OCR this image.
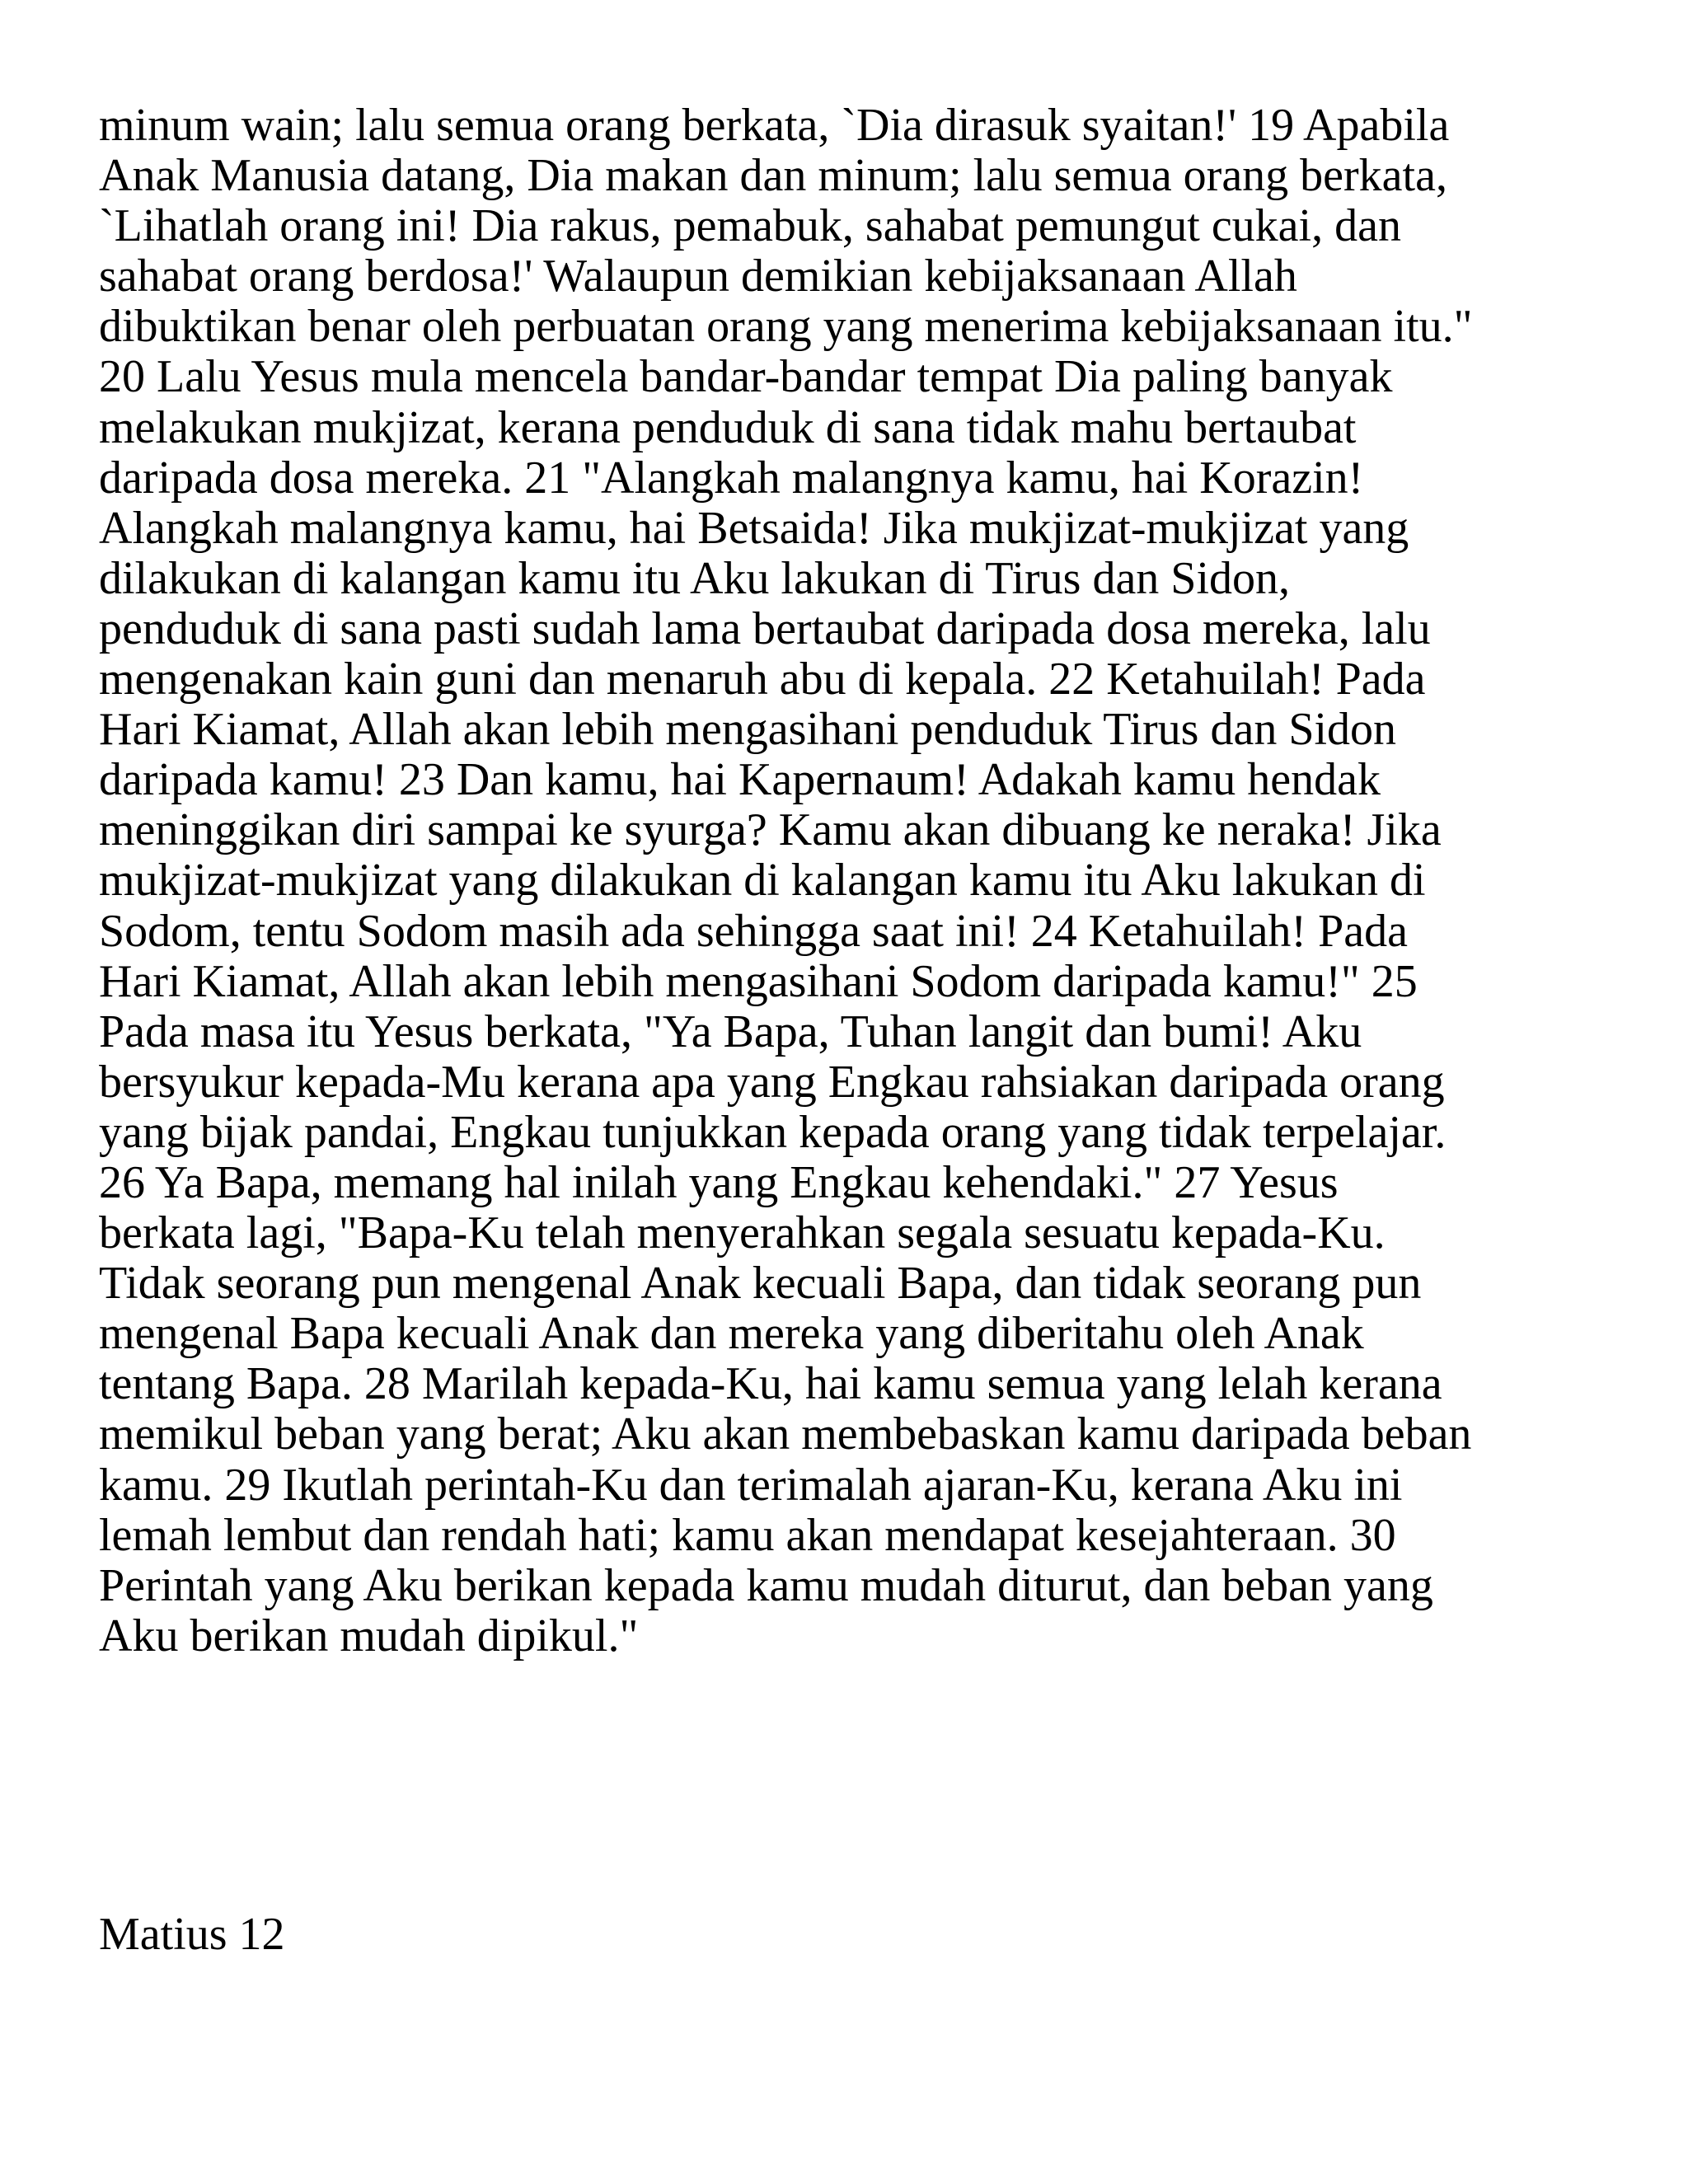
minum wain; lalu semua orang berkata, `Dia dirasuk syaitan!' 19 Apabila
Anak Manusia datang, Dia makan dan minum; lalu semua orang berkata,
`Lihatlah orang ini! Dia rakus, pemabuk, sahabat pemungut cukai, dan
sahabat orang berdosa!' Walaupun demikian kebijaksanaan Allah
dibuktikan benar oleh perbuatan orang yang menerima kebijaksanaan itu."
20 Lalu Yesus mula mencela bandar-bandar tempat Dia paling banyak
melakukan mukjizat, kerana penduduk di sana tidak mahu bertaubat
daripada dosa mereka. 21 "Alangkah malangnya kamu, hai Korazin!
Alangkah malangnya kamu, hai Betsaida! Jika mukjizat-mukjizat yang
dilakukan di kalangan kamu itu Aku lakukan di Tirus dan Sidon,
penduduk di sana pasti sudah lama bertaubat daripada dosa mereka, lalu
mengenakan kain guni dan menaruh abu di kepala. 22 Ketahuilah! Pada
Hari Kiamat, Allah akan lebih mengasihani penduduk Tirus dan Sidon
daripada kamu! 23 Dan kamu, hai Kapernaum! Adakah kamu hendak
meninggikan diri sampai ke syurga? Kamu akan dibuang ke neraka! Jika
mukjizat-mukjizat yang dilakukan di kalangan kamu itu Aku lakukan di
Sodom, tentu Sodom masih ada sehingga saat ini! 24 Ketahuilah! Pada
Hari Kiamat, Allah akan lebih mengasihani Sodom daripada kamu!" 25
Pada masa itu Yesus berkata, "Ya Bapa, Tuhan langit dan bumi! Aku
bersyukur kepada-Mu kerana apa yang Engkau rahsiakan daripada orang
yang bijak pandai, Engkau tunjukkan kepada orang yang tidak terpelajar.
26 Ya Bapa, memang hal inilah yang Engkau kehendaki." 27 Yesus
berkata lagi, "Bapa-Ku telah menyerahkan segala sesuatu kepada-Ku.
Tidak seorang pun mengenal Anak kecuali Bapa, dan tidak seorang pun
mengenal Bapa kecuali Anak dan mereka yang diberitahu oleh Anak
tentang Bapa. 28 Marilah kepada-Ku, hai kamu semua yang lelah kerana
memikul beban yang berat; Aku akan membebaskan kamu daripada beban
kamu. 29 Ikutlah perintah-Ku dan terimalah ajaran-Ku, kerana Aku ini
lemah lembut dan rendah hati; kamu akan mendapat kesejahteraan. 30
Perintah yang Aku berikan kepada kamu mudah diturut, dan beban yang
Aku berikan mudah dipikul."
Matius 12
